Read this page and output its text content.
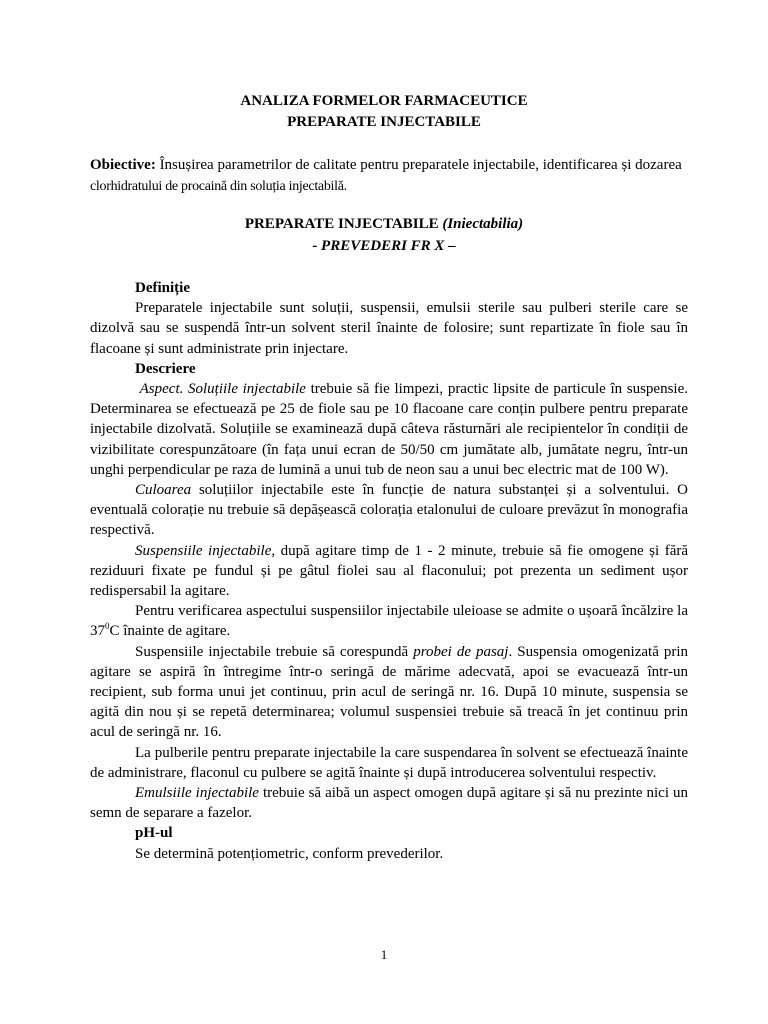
ANALIZA FORMELOR FARMACEUTICE
PREPARATE INJECTABILE
Obiective: Însușirea parametrilor de calitate pentru preparatele injectabile, identificarea și dozarea
clorhidratului de procaină din soluția injectabilă.
PREPARATE INJECTABILE (Iniectabilia)
- PREVEDERI FR X –
Definiție

Preparatele injectabile sunt soluții, suspensii, emulsii sterile sau pulberi sterile care se dizolvă sau se suspendă într-un solvent steril înainte de folosire; sunt repartizate în fiole sau în flacoane și sunt administrate prin injectare.

Descriere

Aspect. Soluțiile injectabile trebuie să fie limpezi, practic lipsite de particule în suspensie. Determinarea se efectuează pe 25 de fiole sau pe 10 flacoane care conțin pulbere pentru preparate injectabile dizolvată. Soluțiile se examinează după câteva răsturnări ale recipientelor în condiții de vizibilitate corespunzătoare (în fața unui ecran de 50/50 cm jumătate alb, jumătate negru, într-un unghi perpendicular pe raza de lumină a unui tub de neon sau a unui bec electric mat de 100 W).

Culoarea soluțiilor injectabile este în funcție de natura substanței și a solventului. O eventuală colorație nu trebuie să depășească colorația etalonului de culoare prevăzut în monografia respectivă.

Suspensiile injectabile, după agitare timp de 1 - 2 minute, trebuie să fie omogene și fără reziduuri fixate pe fundul și pe gâtul fiolei sau al flaconului; pot prezenta un sediment ușor redispersabil la agitare.

Pentru verificarea aspectului suspensiilor injectabile uleioase se admite o ușoară încălzire la $37^0C$ înainte de agitare.

Suspensiile injectabile trebuie să corespundă probei de pasaj. Suspensia omogenizată prin agitare se aspiră în întregime într-o seringă de mărime adecvată, apoi se evacuează într-un recipient, sub forma unui jet continuu, prin acul de seringă nr. 16. După 10 minute, suspensia se agită din nou și se repetă determinarea; volumul suspensiei trebuie să treacă în jet continuu prin acul de seringă nr. 16.

La pulberile pentru preparate injectabile la care suspendarea în solvent se efectuează înainte de administrare, flaconul cu pulbere se agită înainte și după introducerea solventului respectiv.

Emulsiile injectabile trebuie să aibă un aspect omogen după agitare și să nu prezinte nici un semn de separare a fazelor.

pH-ul

Se determină potențiometric, conform prevederilor.

1
